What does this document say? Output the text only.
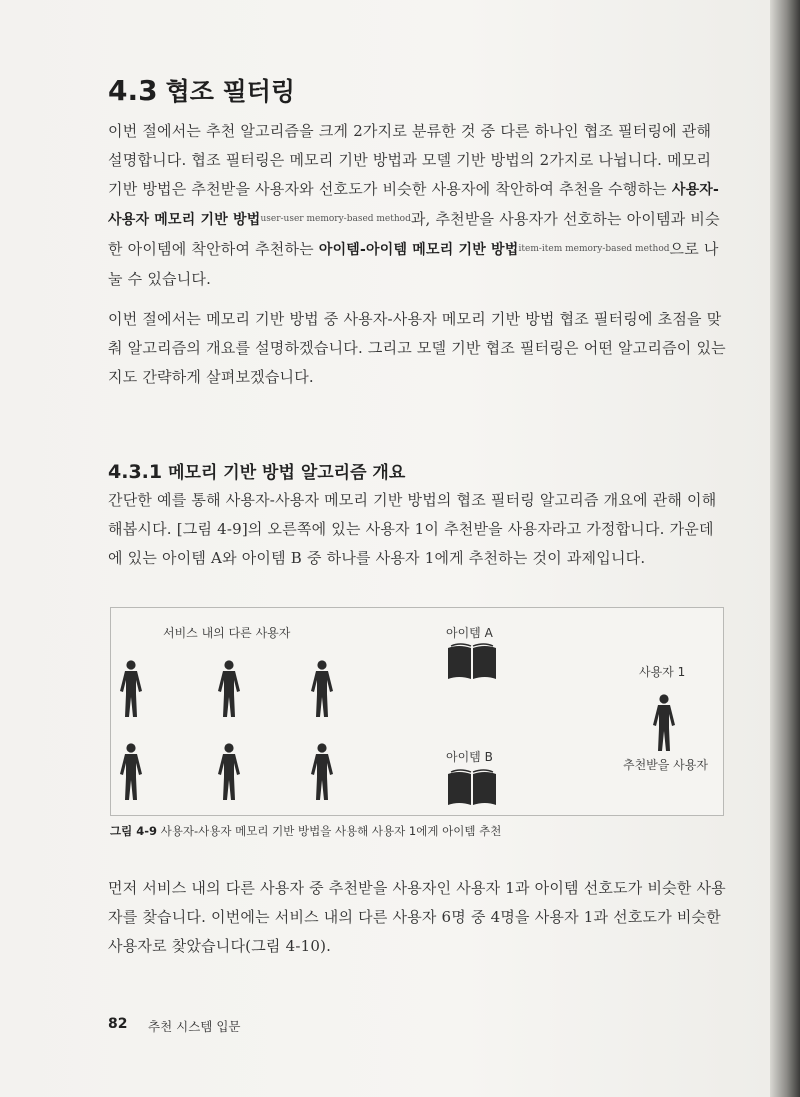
4.3 협조 필터링
이번 절에서는 추천 알고리즘을 크게 2가지로 분류한 것 중 다른 하나인 협조 필터링에 관해 설명합니다. 협조 필터링은 메모리 기반 방법과 모델 기반 방법의 2가지로 나뉩니다. 메모리 기반 방법은 추천받을 사용자와 선호도가 비슷한 사용자에 착안하여 추천을 수행하는 사용자-사용자 메모리 기반 방법$^{user-user memory-based method}$과, 추천받을 사용자가 선호하는 아이템과 비슷한 아이템에 착안하여 추천하는 아이템-아이템 메모리 기반 방법$^{item-item memory-based method}$으로 나눌 수 있습니다.
이번 절에서는 메모리 기반 방법 중 사용자-사용자 메모리 기반 방법 협조 필터링에 초점을 맞춰 알고리즘의 개요를 설명하겠습니다. 그리고 모델 기반 협조 필터링은 어떤 알고리즘이 있는지도 간략하게 살펴보겠습니다.
4.3.1 메모리 기반 방법 알고리즘 개요
간단한 예를 통해 사용자-사용자 메모리 기반 방법의 협조 필터링 알고리즘 개요에 관해 이해해봅시다. [그림 4-9]의 오른쪽에 있는 사용자 1이 추천받을 사용자라고 가정합니다. 가운데에 있는 아이템 A와 아이템 B 중 하나를 사용자 1에게 추천하는 것이 과제입니다.
서비스 내의 다른 사용자	아이템 A
사용자 1
아이템 B
추천받을 사용자
그림 4-9 사용자-사용자 메모리 기반 방법을 사용해 사용자 1에게 아이템 추천
먼저 서비스 내의 다른 사용자 중 추천받을 사용자인 사용자 1과 아이템 선호도가 비슷한 사용자를 찾습니다. 이번에는 서비스 내의 다른 사용자 6명 중 4명을 사용자 1과 선호도가 비슷한 사용자로 찾았습니다(그림 4-10).
82 추천 시스템 입문
